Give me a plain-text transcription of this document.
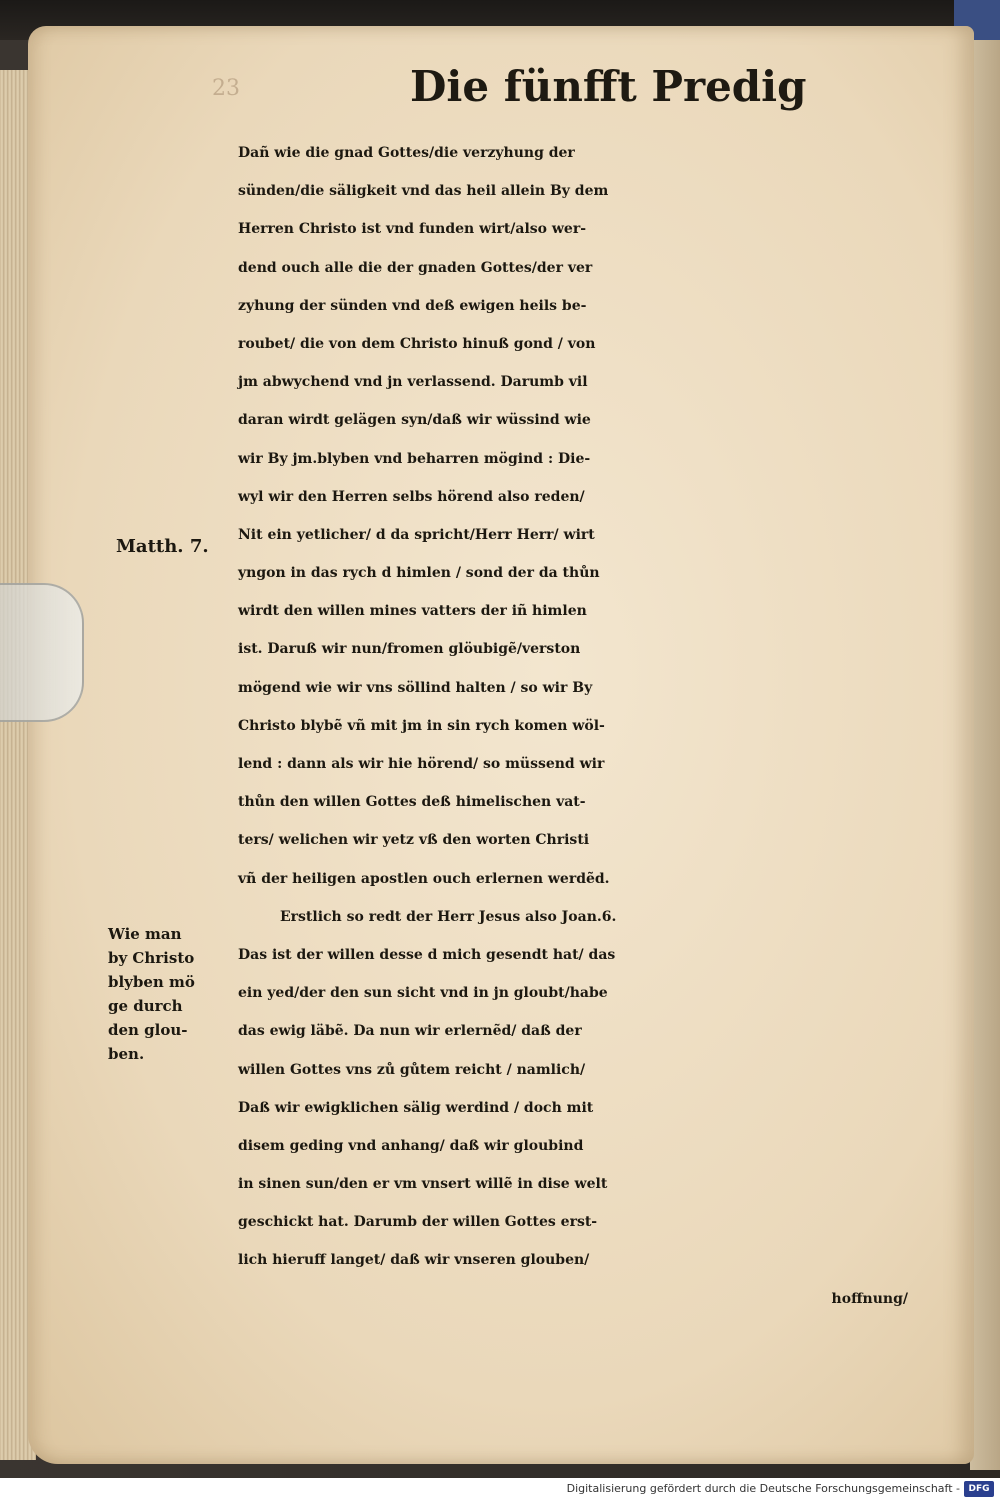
23	Die fünfft Predig
Matth. 7.
Wie man
by Christo
blyben mö
ge durch
den glou-
ben.
Dañ wie die gnad Gottes/die verzyhung der
sünden/die säligkeit vnd das heil allein By dem
Herren Christo ist vnd funden wirt/also wer-
dend ouch alle die der gnaden Gottes/der ver
zyhung der sünden vnd deß ewigen heils be-
roubet/ die von dem Christo hinuß gond / von
jm abwychend vnd jn verlassend. Darumb vil
daran wirdt gelägen syn/daß wir wüssind wie
wir By jm.blyben vnd beharren mögind : Die-
wyl wir den Herren selbs hörend also reden/
Nit ein yetlicher/ d da spricht/Herr Herr/ wirt
yngon in das rych d himlen / sond der da thůn
wirdt den willen mines vatters der iñ himlen
ist. Daruß wir nun/fromen glöubigẽ/verston
mögend wie wir vns söllind halten / so wir By
Christo blybẽ vñ mit jm in sin rych komen wöl-
lend : dann als wir hie hörend/ so müssend wir
thůn den willen Gottes deß himelischen vat-
ters/ welichen wir yetz vß den worten Christi
vñ der heiligen apostlen ouch erlernen werdẽd.
Erstlich so redt der Herr Jesus also Joan.6.
Das ist der willen desse d mich gesendt hat/ das
ein yed/der den sun sicht vnd in jn gloubt/habe
das ewig läbẽ. Da nun wir erlernẽd/ daß der
willen Gottes vns zů gůtem reicht / namlich/
Daß wir ewigklichen sälig werdind / doch mit
disem geding vnd anhang/ daß wir gloubind
in sinen sun/den er vm vnsert willẽ in dise welt
geschickt hat. Darumb der willen Gottes erst-
lich hieruff langet/ daß wir vnseren glouben/
hoffnung/
Digitalisierung gefördert durch die Deutsche Forschungsgemeinschaft - DFG
